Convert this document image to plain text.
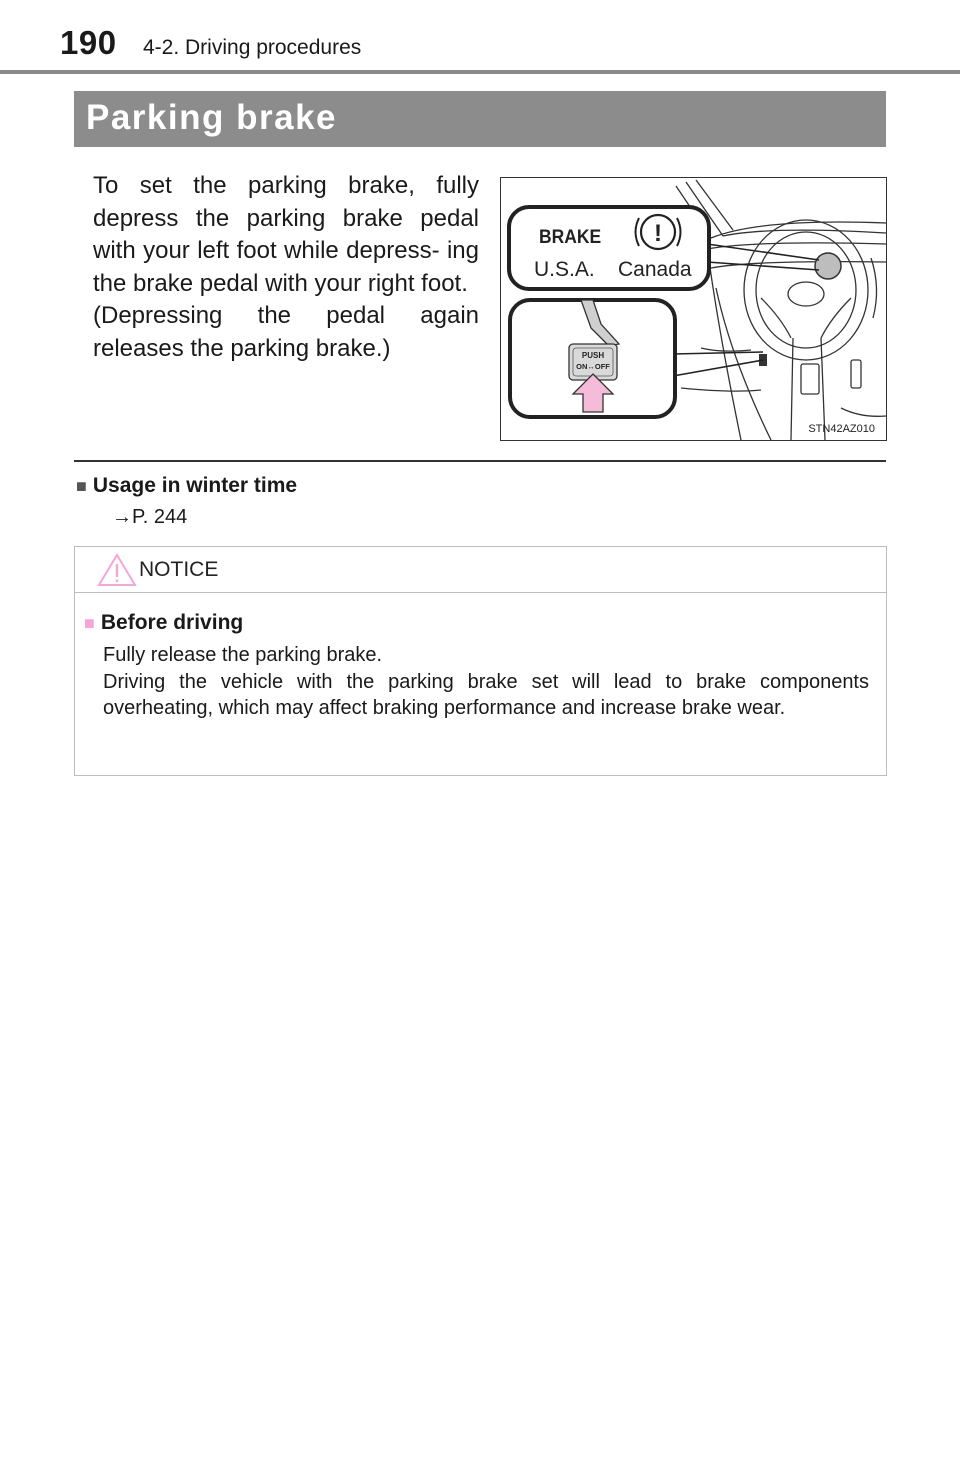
190 4-2. Driving procedures
Parking brake

To set the parking brake, fully depress the parking brake pedal with your left foot while depress- ing the brake pedal with your right foot.

(Depressing the pedal again releases the parking brake.)

BRAKE !
U.S.A. Canada
PUSH
ON↔OFF
STN42AZ010
■ Usage in winter time
→P. 244
NOTICE
■ Before driving

Fully release the parking brake.

Driving the vehicle with the parking brake set will lead to brake components overheating, which may affect braking performance and increase brake wear.
